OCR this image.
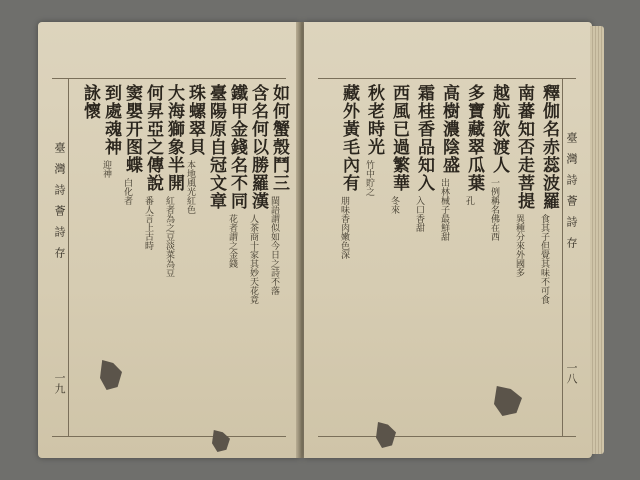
如何蟹殼鬥三
閩語謂似如今日之詩不落
含名何以勝羅漢
人茶商十家其妙天花竟
鐵甲金錢名不同
花者謂之金錢
臺陽原自冠文章
珠螺翠貝
本地風光紅色
大海獅象半開
紅者為之豆淡菜為豆
何昇亞之傳說
番人言上古時
窦嬰开图蝶
白化者
到處魂神
迎神
詠懷
臺灣詩薈詩存
一九
釋伽名赤蕊波羅
食其子但覺其味不可食
南蕃知否走菩提
異種分來外國多
越航欲渡人
一例稱名佛在西
多寶藏翠瓜葉
孔
高樹濃陰盛
出林械子最鮮甜
霜桂香品知入
入口香甜
西風已過繁華
冬來
秋老時光
竹中貯之
藏外黃毛內有
朋味香肉嫩色深	臺灣詩薈詩存
一八
